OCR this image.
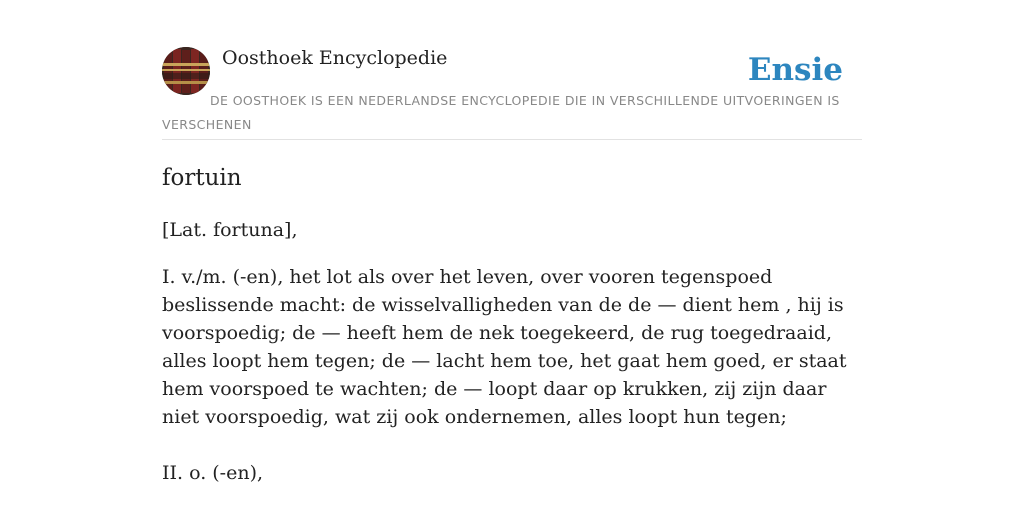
Oosthoek Encyclopedie	Ensie
DE OOSTHOEK IS EEN NEDERLANDSE ENCYCLOPEDIE DIE IN VERSCHILLENDE UITVOERINGEN IS VERSCHENEN
fortuin

[Lat. fortuna],

I. v./m. (-en), het lot als over het leven, over vooren tegenspoed beslissende macht: de wisselvalligheden van de de — dient hem , hij is voorspoedig; de — heeft hem de nek toegekeerd, de rug toegedraaid, alles loopt hem tegen; de — lacht hem toe, het gaat hem goed, er staat hem voorspoed te wachten; de — loopt daar op krukken, zij zijn daar niet voorspoedig, wat zij ook ondernemen, alles loopt hun tegen;

II. o. (-en),
